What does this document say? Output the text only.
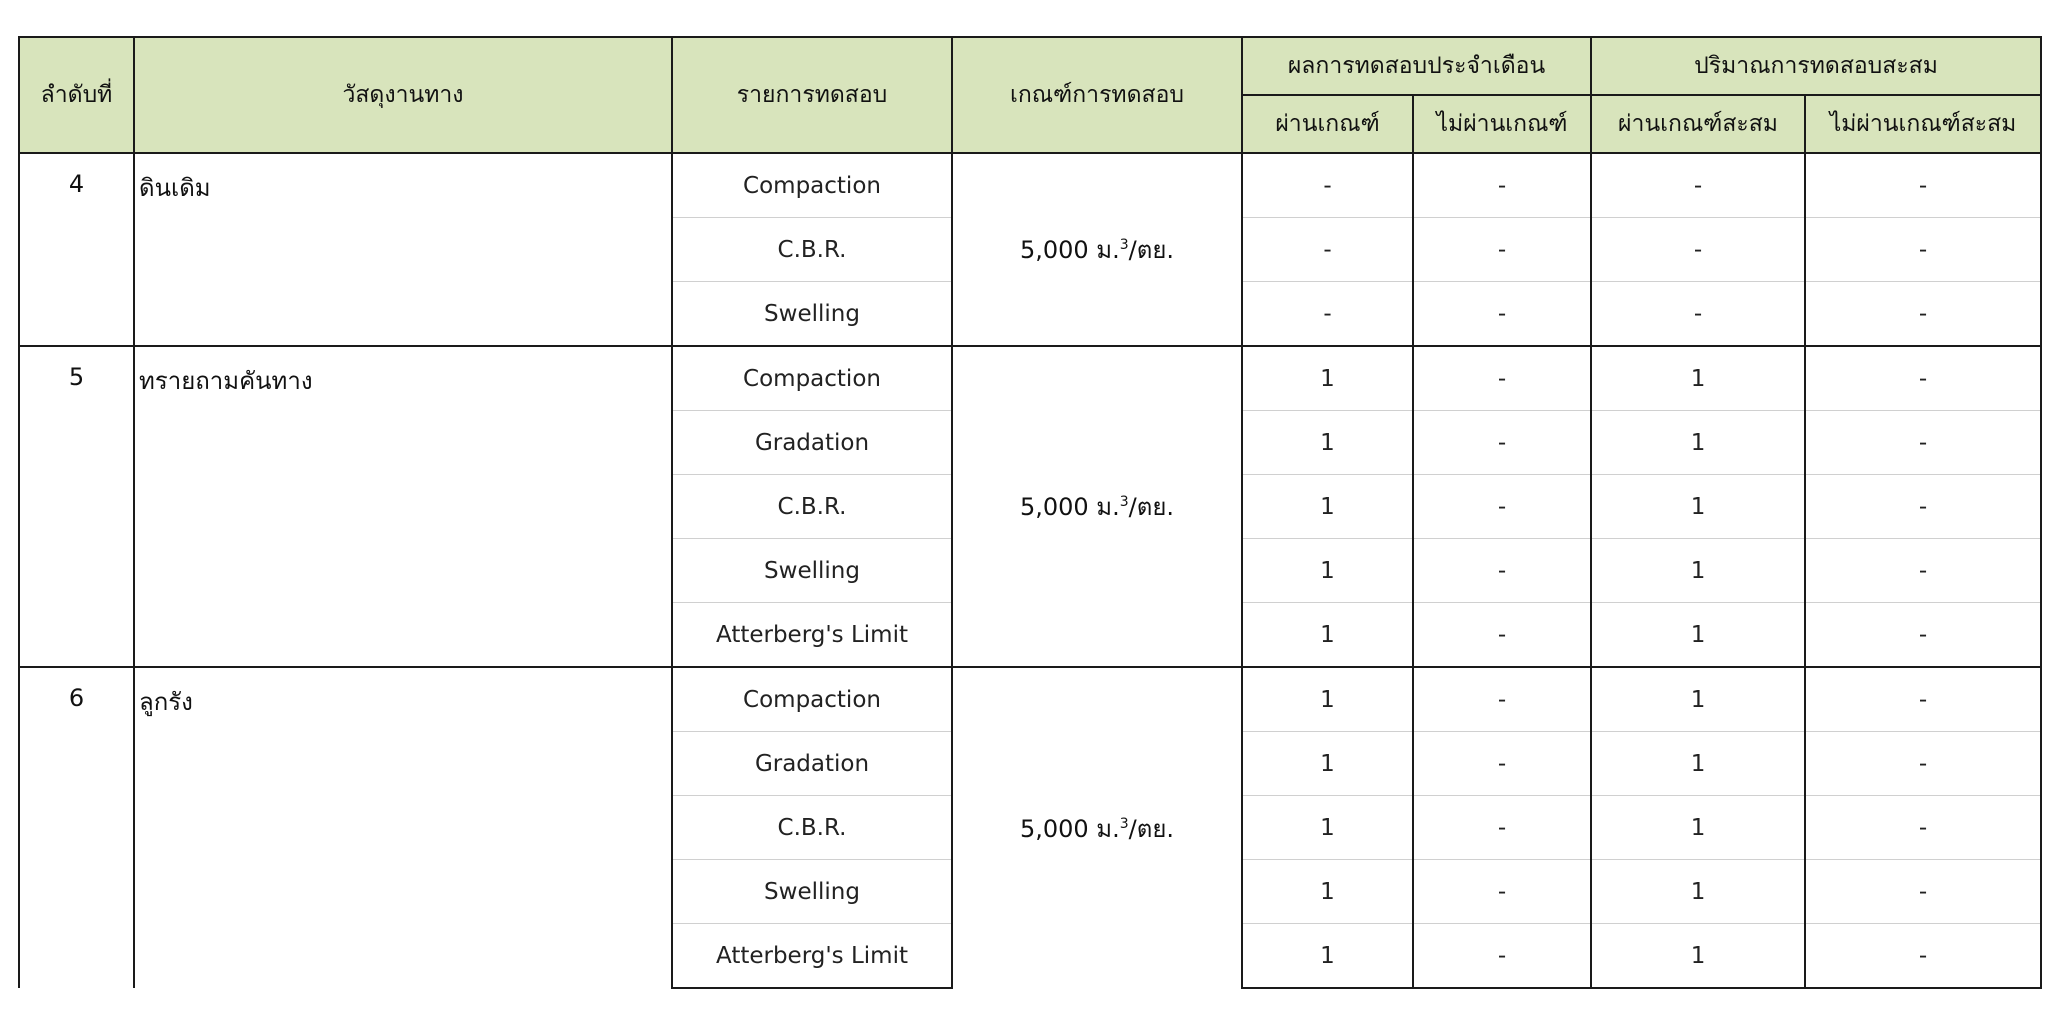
ลำดับที่	วัสดุงานทาง	รายการทดสอบ	เกณฑ์การทดสอบ	ผลการทดสอบประจำเดือน		ปริมาณการทดสอบสะสม	
				ผ่านเกณฑ์	ไม่ผ่านเกณฑ์	ผ่านเกณฑ์สะสม	ไม่ผ่านเกณฑ์สะสม
4	ดินเดิม	Compaction	5,000 ม.$^3$/ตย.	-	-	-	-
		C.B.R.		-	-	-	-
		Swelling		-	-	-	-
5	ทรายถามคันทาง	Compaction	5,000 ม.$^3$/ตย.	1	-	1	-
		Gradation		1	-	1	-
		C.B.R.		1	-	1	-
		Swelling		1	-	1	-
		Atterberg's Limit		1	-	1	-
6	ลูกรัง	Compaction	5,000 ม.$^3$/ตย.	1	-	1	-
		Gradation		1	-	1	-
		C.B.R.		1	-	1	-
		Swelling		1	-	1	-
		Atterberg's Limit		1	-	1	-
